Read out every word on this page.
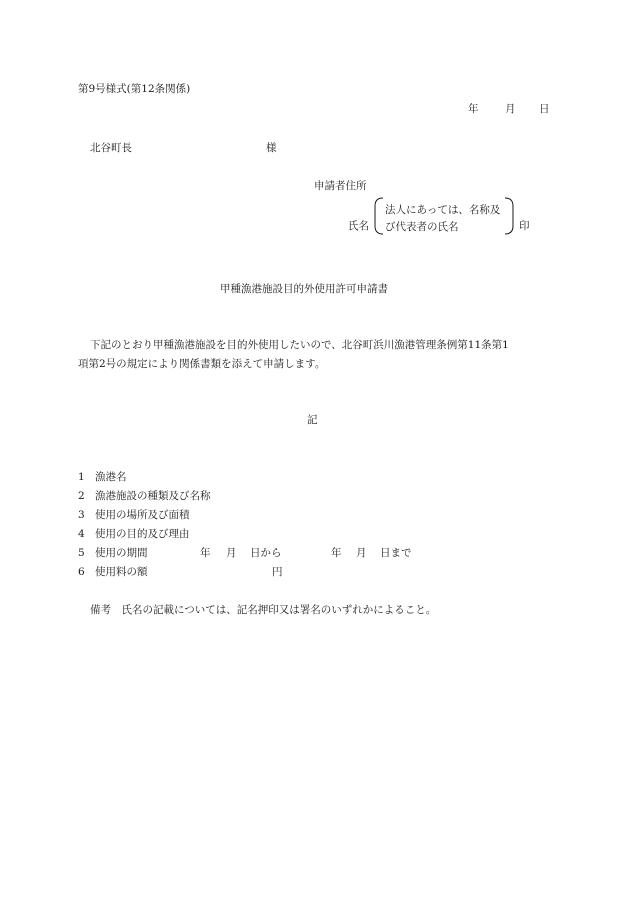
第9号様式(第12条関係)
年	月 日
北谷町長	様
申請者住所
氏名
法人にあっては、名称及
び代表者の氏名	印
甲種漁港施設目的外使用許可申請書
下記のとおり甲種漁港施設を目的外使用したいので、北谷町浜川漁港管理条例第11条第1
項第2号の規定により関係書類を添えて申請します。
記
1 漁港名
2 漁港施設の種類及び名称
3 使用の場所及び面積
4 使用の目的及び理由
5 使用の期間	年 月 日から	年 月 日まで
6 使用料の額	円
備考　氏名の記載については、記名押印又は署名のいずれかによること。
